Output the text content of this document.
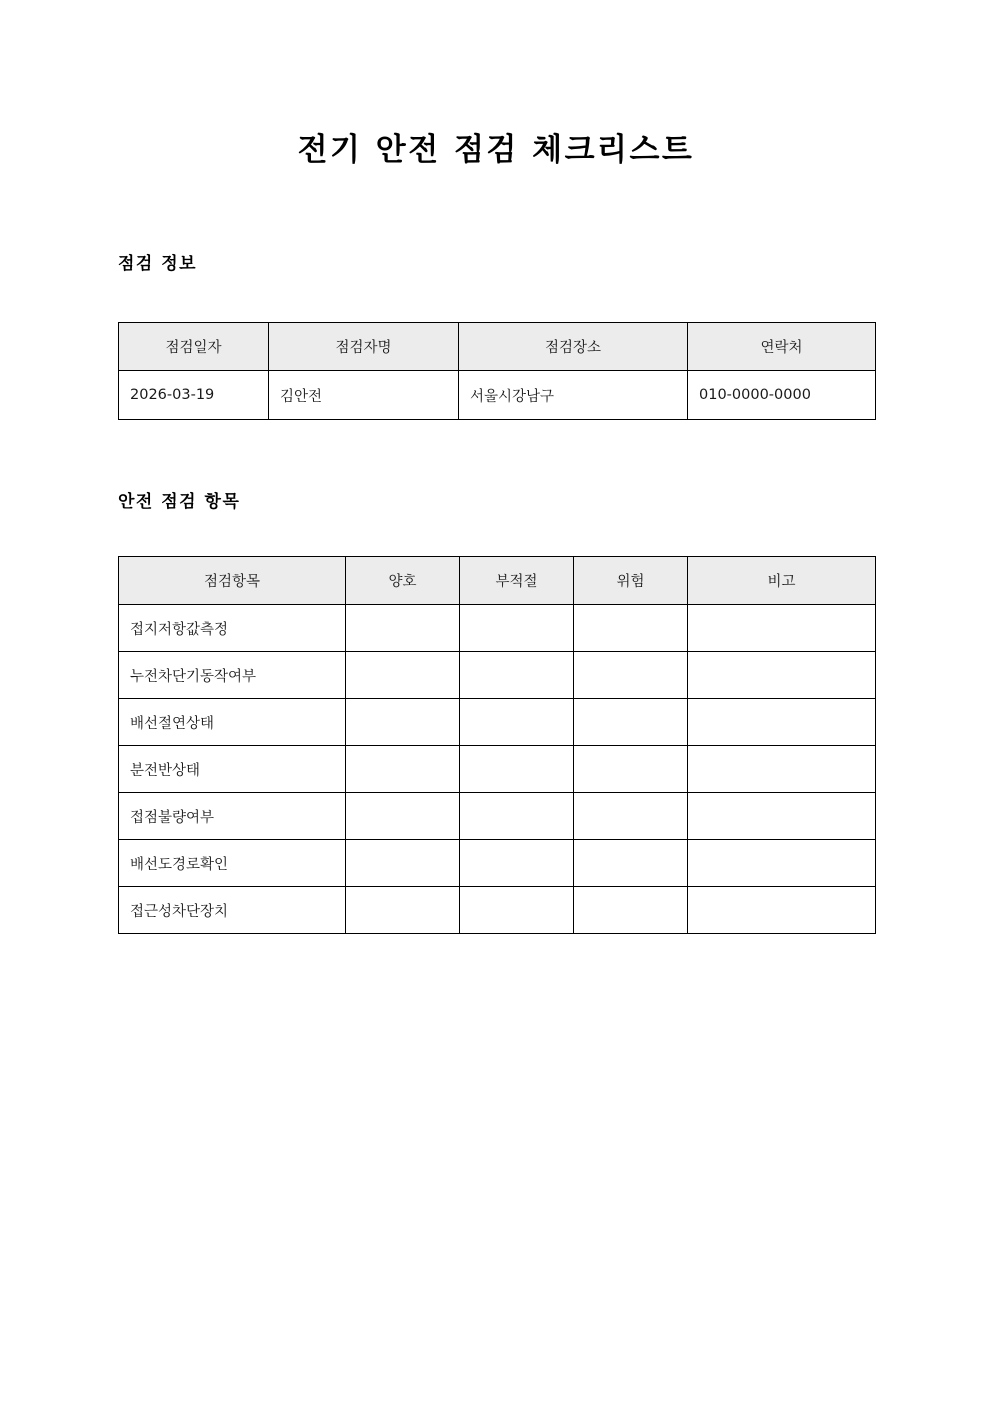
전기 안전 점검 체크리스트
점검 정보
점검일자	점검자명	점검장소	연락처
2026-03-19	김안전	서울시강남구	010-0000-0000
안전 점검 항목
점검항목	양호	부적절	위험	비고
접지저항값측정				
누전차단기동작여부				
배선절연상태				
분전반상태				
접점불량여부				
배선도경로확인				
접근성차단장치				
